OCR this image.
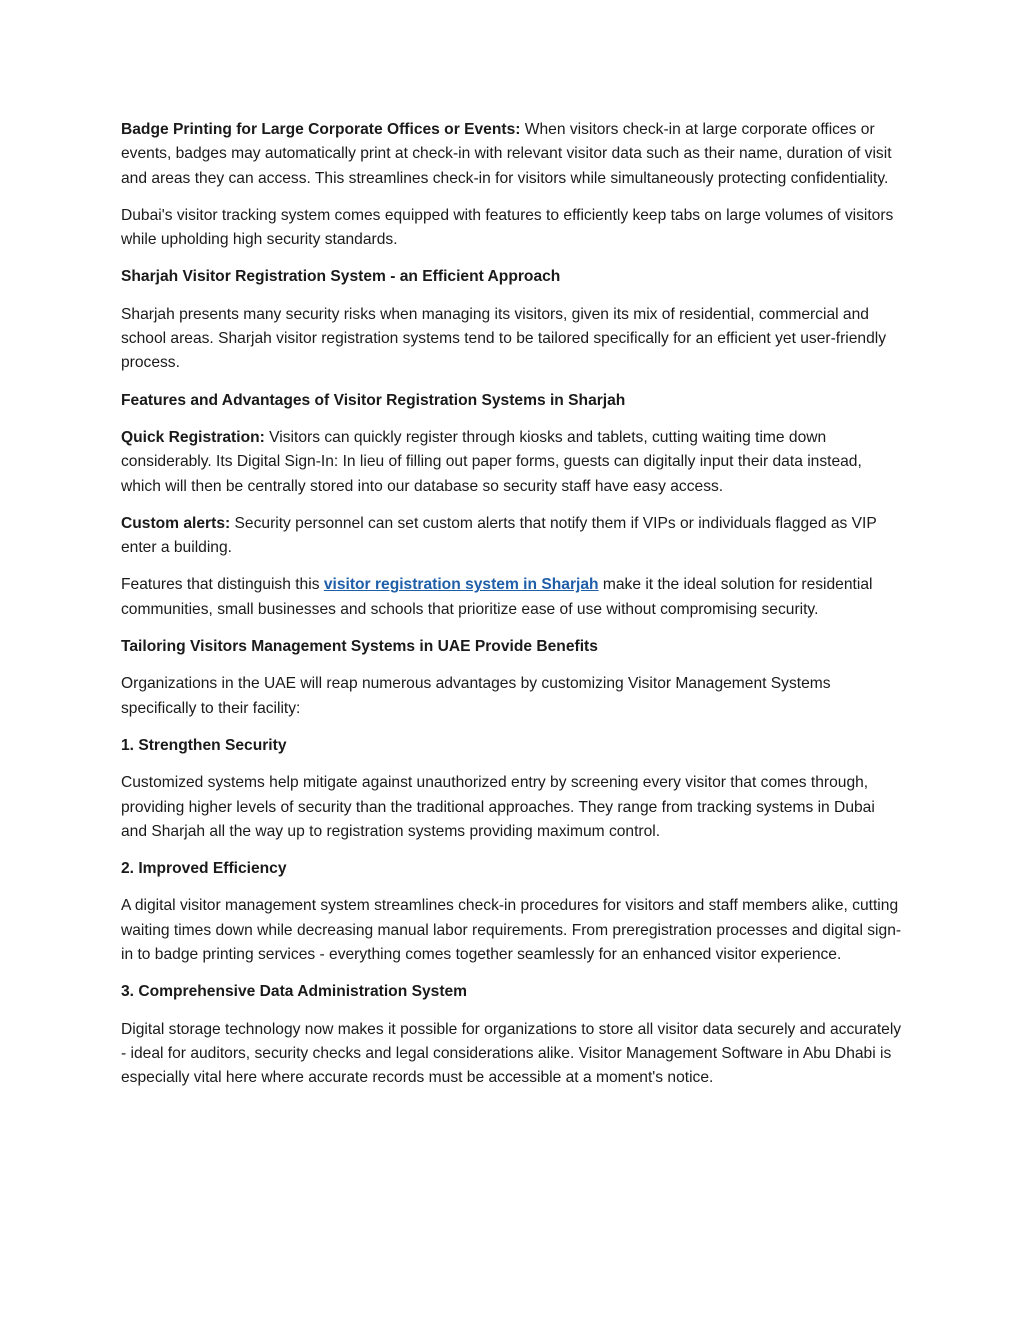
Badge Printing for Large Corporate Offices or Events: When visitors check-in at large corporate offices or events, badges may automatically print at check-in with relevant visitor data such as their name, duration of visit and areas they can access. This streamlines check-in for visitors while simultaneously protecting confidentiality.

Dubai's visitor tracking system comes equipped with features to efficiently keep tabs on large volumes of visitors while upholding high security standards.

Sharjah Visitor Registration System - an Efficient Approach

Sharjah presents many security risks when managing its visitors, given its mix of residential, commercial and school areas. Sharjah visitor registration systems tend to be tailored specifically for an efficient yet user-friendly process.

Features and Advantages of Visitor Registration Systems in Sharjah

Quick Registration: Visitors can quickly register through kiosks and tablets, cutting waiting time down considerably. Its Digital Sign-In: In lieu of filling out paper forms, guests can digitally input their data instead, which will then be centrally stored into our database so security staff have easy access.

Custom alerts: Security personnel can set custom alerts that notify them if VIPs or individuals flagged as VIP enter a building.

Features that distinguish this visitor registration system in Sharjah make it the ideal solution for residential communities, small businesses and schools that prioritize ease of use without compromising security.

Tailoring Visitors Management Systems in UAE Provide Benefits

Organizations in the UAE will reap numerous advantages by customizing Visitor Management Systems specifically to their facility:

1. Strengthen Security

Customized systems help mitigate against unauthorized entry by screening every visitor that comes through, providing higher levels of security than the traditional approaches. They range from tracking systems in Dubai and Sharjah all the way up to registration systems providing maximum control.

2. Improved Efficiency

A digital visitor management system streamlines check-in procedures for visitors and staff members alike, cutting waiting times down while decreasing manual labor requirements. From preregistration processes and digital sign-in to badge printing services - everything comes together seamlessly for an enhanced visitor experience.

3. Comprehensive Data Administration System

Digital storage technology now makes it possible for organizations to store all visitor data securely and accurately - ideal for auditors, security checks and legal considerations alike. Visitor Management Software in Abu Dhabi is especially vital here where accurate records must be accessible at a moment's notice.
